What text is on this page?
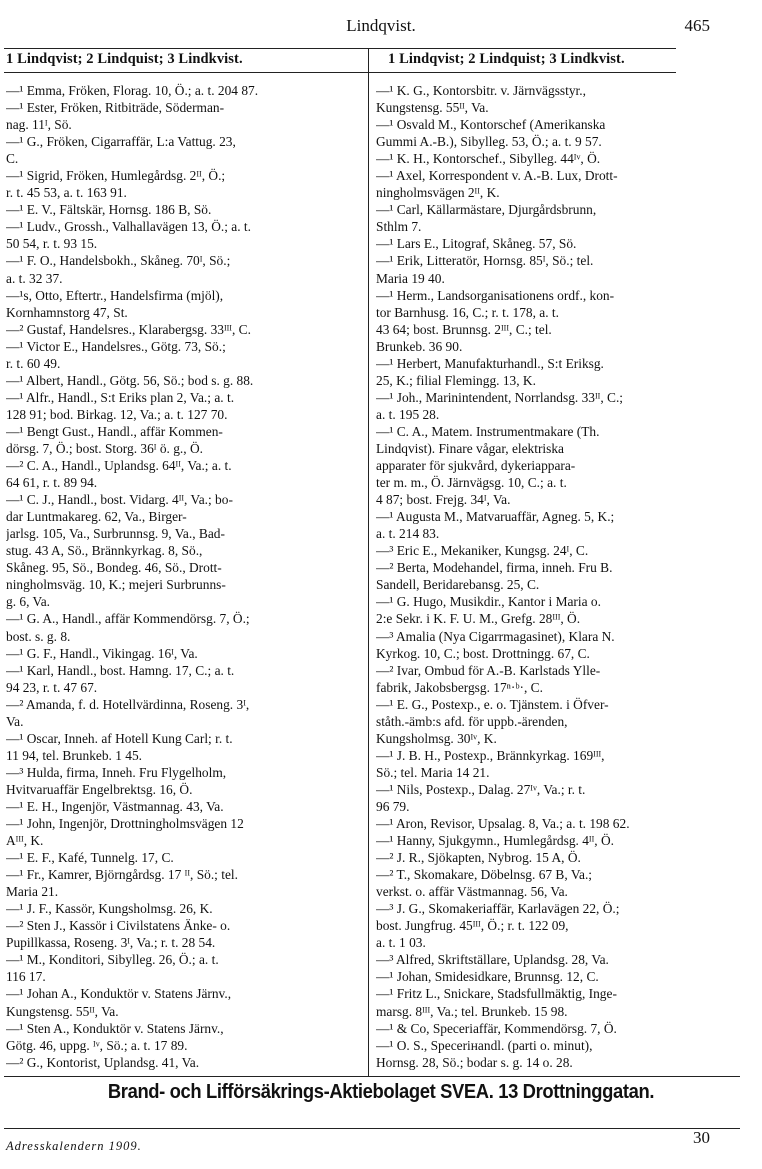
Lindqvist.	465
1 Lindqvist; 2 Lindquist; 3 Lindkvist.	1 Lindqvist; 2 Lindquist; 3 Lindkvist.
—¹ Emma, Fröken, Florag. 10, Ö.; a. t. 204 87.
—¹ Ester, Fröken, Ritbiträde, Söderman-
nag. 11ᴵ, Sö.
—¹ G., Fröken, Cigarraffär, L:a Vattug. 23,
C.
—¹ Sigrid, Fröken, Humlegårdsg. 2ᴵᴵ, Ö.;
r. t. 45 53, a. t. 163 91.
—¹ E. V., Fältskär, Hornsg. 186 B, Sö.
—¹ Ludv., Grossh., Valhallavägen 13, Ö.; a. t.
50 54, r. t. 93 15.
—¹ F. O., Handelsbokh., Skåneg. 70ᴵ, Sö.;
a. t. 32 37.
—¹s, Otto, Eftertr., Handelsfirma (mjöl),
Kornhamnstorg 47, St.
—² Gustaf, Handelsres., Klarabergsg. 33ᴵᴵᴵ, C.
—¹ Victor E., Handelsres., Götg. 73, Sö.;
r. t. 60 49.
—¹ Albert, Handl., Götg. 56, Sö.; bod s. g. 88.
—¹ Alfr., Handl., S:t Eriks plan 2, Va.; a. t.
128 91; bod. Birkag. 12, Va.; a. t. 127 70.
—¹ Bengt Gust., Handl., affär Kommen-
dörsg. 7, Ö.; bost. Storg. 36ᴵ ö. g., Ö.
—² C. A., Handl., Uplandsg. 64ᴵᴵ, Va.; a. t.
64 61, r. t. 89 94.
—¹ C. J., Handl., bost. Vidarg. 4ᴵᴵ, Va.; bo-
dar Luntmakareg. 62, Va., Birger-
jarlsg. 105, Va., Surbrunnsg. 9, Va., Bad-
stug. 43 A, Sö., Brännkyrkag. 8, Sö.,
Skåneg. 95, Sö., Bondeg. 46, Sö., Drott-
ningholmsväg. 10, K.; mejeri Surbrunns-
g. 6, Va.
—¹ G. A., Handl., affär Kommendörsg. 7, Ö.;
bost. s. g. 8.
—¹ G. F., Handl., Vikingag. 16ᴵ, Va.
—¹ Karl, Handl., bost. Hamng. 17, C.; a. t.
94 23, r. t. 47 67.
—² Amanda, f. d. Hotellvärdinna, Roseng. 3ᴵ,
Va.
—¹ Oscar, Inneh. af Hotell Kung Carl; r. t.
11 94, tel. Brunkeb. 1 45.
—³ Hulda, firma, Inneh. Fru Flygelholm,
Hvitvaruaffär Engelbrektsg. 16, Ö.
—¹ E. H., Ingenjör, Västmannag. 43, Va.
—¹ John, Ingenjör, Drottningholmsvägen 12
Aᴵᴵᴵ, K.
—¹ E. F., Kafé, Tunnelg. 17, C.
—¹ Fr., Kamrer, Björngårdsg. 17 ᴵᴵ, Sö.; tel.
Maria 21.
—¹ J. F., Kassör, Kungsholmsg. 26, K.
—² Sten J., Kassör i Civilstatens Änke- o.
Pupillkassa, Roseng. 3ᴵ, Va.; r. t. 28 54.
—¹ M., Konditori, Sibylleg. 26, Ö.; a. t.
116 17.
—¹ Johan A., Konduktör v. Statens Järnv.,
Kungstensg. 55ᴵᴵ, Va.
—¹ Sten A., Konduktör v. Statens Järnv.,
Götg. 46, uppg. ᴵᵛ, Sö.; a. t. 17 89.
—² G., Kontorist, Uplandsg. 41, Va.
—¹ K. G., Kontorsbitr. v. Järnvägsstyr.,
Kungstensg. 55ᴵᴵ, Va.
—¹ Osvald M., Kontorschef (Amerikanska
Gummi A.-B.), Sibylleg. 53, Ö.; a. t. 9 57.
—¹ K. H., Kontorschef., Sibylleg. 44ᴵᵛ, Ö.
—¹ Axel, Korrespondent v. A.-B. Lux, Drott-
ningholmsvägen 2ᴵᴵ, K.
—¹ Carl, Källarmästare, Djurgårdsbrunn,
Sthlm 7.
—¹ Lars E., Litograf, Skåneg. 57, Sö.
—¹ Erik, Litteratör, Hornsg. 85ᴵ, Sö.; tel.
Maria 19 40.
—¹ Herm., Landsorganisationens ordf., kon-
tor Barnhusg. 16, C.; r. t. 178, a. t.
43 64; bost. Brunnsg. 2ᴵᴵᴵ, C.; tel.
Brunkeb. 36 90.
—¹ Herbert, Manufakturhandl., S:t Eriksg.
25, K.; filial Flemingg. 13, K.
—¹ Joh., Marinintendent, Norrlandsg. 33ᴵᴵ, C.;
a. t. 195 28.
—¹ C. A., Matem. Instrumentmakare (Th.
Lindqvist). Finare vågar, elektriska
apparater för sjukvård, dykeriappara-
ter m. m., Ö. Järnvägsg. 10, C.; a. t.
4 87; bost. Frejg. 34ᴵ, Va.
—¹ Augusta M., Matvaruaffär, Agneg. 5, K.;
a. t. 214 83.
—³ Eric E., Mekaniker, Kungsg. 24ᴵ, C.
—² Berta, Modehandel, firma, inneh. Fru B.
Sandell, Beridarebansg. 25, C.
—¹ G. Hugo, Musikdir., Kantor i Maria o.
2:e Sekr. i K. F. U. M., Grefg. 28ᴵᴵᴵ, Ö.
—³ Amalia (Nya Cigarrmagasinet), Klara N.
Kyrkog. 10, C.; bost. Drottningg. 67, C.
—² Ivar, Ombud för A.-B. Karlstads Ylle-
fabrik, Jakobsbergsg. 17ⁿ·ᵇ·, C.
—¹ E. G., Postexp., e. o. Tjänstem. i Öfver-
ståth.-ämb:s afd. för uppb.-ärenden,
Kungsholmsg. 30ᴵᵛ, K.
—¹ J. B. H., Postexp., Brännkyrkag. 169ᴵᴵᴵ,
Sö.; tel. Maria 14 21.
—¹ Nils, Postexp., Dalag. 27ᴵᵛ, Va.; r. t.
96 79.
—¹ Aron, Revisor, Upsalag. 8, Va.; a. t. 198 62.
—¹ Hanny, Sjukgymn., Humlegårdsg. 4ᴵᴵ, Ö.
—² J. R., Sjökapten, Nybrog. 15 A, Ö.
—² T., Skomakare, Döbelnsg. 67 B, Va.;
verkst. o. affär Västmannag. 56, Va.
—³ J. G., Skomakeriaffär, Karlavägen 22, Ö.;
bost. Jungfrug. 45ᴵᴵᴵ, Ö.; r. t. 122 09,
a. t. 1 03.
—³ Alfred, Skriftställare, Uplandsg. 28, Va.
—¹ Johan, Smidesidkare, Brunnsg. 12, C.
—¹ Fritz L., Snickare, Stadsfullmäktig, Inge-
marsg. 8ᴵᴵᴵ, Va.; tel. Brunkeb. 15 98.
—¹ & Co, Specerіaffär, Kommendörsg. 7, Ö.
—¹ O. S., Speceriнandl. (parti o. minut),
Hornsg. 28, Sö.; bodar s. g. 14 o. 28.
Brand- och Lifförsäkrings-Aktiebolaget SVEA. 13 Drottninggatan.
Adresskalendern 1909.	30
